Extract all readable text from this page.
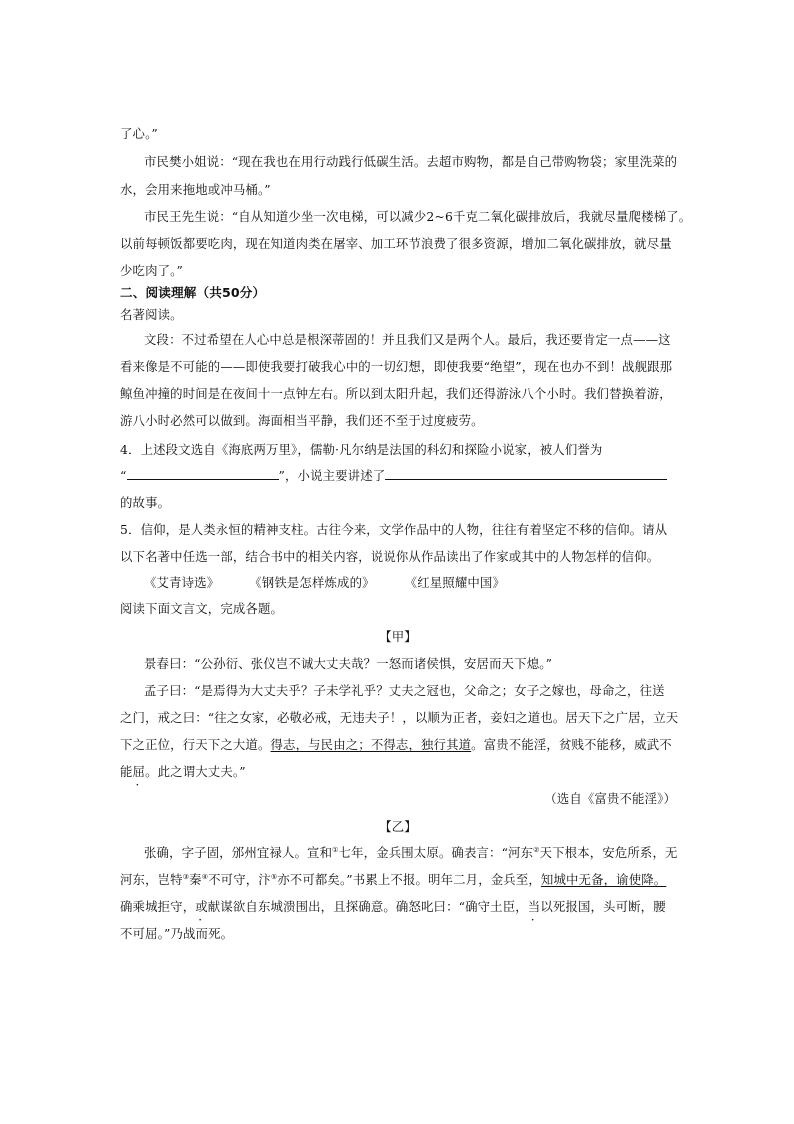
了心。”
市民樊小姐说：“现在我也在用行动践行低碳生活。去超市购物，都是自己带购物袋；家里洗菜的
水，会用来拖地或冲马桶。”
市民王先生说：“自从知道少坐一次电梯，可以减少2~6千克二氧化碳排放后，我就尽量爬楼梯了。
以前每顿饭都要吃肉，现在知道肉类在屠宰、加工环节浪费了很多资源，增加二氧化碳排放，就尽量
少吃肉了。”
二、阅读理解（共50分）
名著阅读。
文段：不过希望在人心中总是根深蒂固的！并且我们又是两个人。最后，我还要肯定一点——这
看来像是不可能的——即使我要打破我心中的一切幻想，即使我要“绝望”，现在也办不到！战舰跟那
鲸鱼冲撞的时间是在夜间十一点钟左右。所以到太阳升起，我们还得游泳八个小时。我们替换着游，
游八小时必然可以做到。海面相当平静，我们还不至于过度疲劳。
4．上述段文选自《海底两万里》，儒勒·凡尔纳是法国的科幻和探险小说家，被人们誉为
“	”，小说主要讲述了
的故事。
5．信仰，是人类永恒的精神支柱。古往今来，文学作品中的人物，往往有着坚定不移的信仰。请从
以下名著中任选一部，结合书中的相关内容，说说你从作品读出了作家或其中的人物怎样的信仰。
《艾青诗选》 《钢铁是怎样炼成的》 《红星照耀中国》
阅读下面文言文，完成各题。
【甲】
景春曰：“公孙衍、张仪岂不诚大丈夫哉？一怒而诸侯惧，安居而天下熄。”
孟子曰：“是焉得为大丈夫乎？子未学礼乎？丈夫之冠也，父命之；女子之嫁也，母命之，往送
之门，戒之曰：“往之女家，必敬必戒，无违夫子！，以顺为正者，妾妇之道也。居天下之广居，立天
下之正位，行天下之大道。得志，与民由之；不得志，独行其道。富贵不能淫，贫贱不能移，威武不
能屈。此之谓大丈夫。” ·
（选自《富贵不能淫》）
【乙】
张确，字子固，邠州宜禄人。宣和①七年，金兵围太原。确表言：“河东②天下根本，安危所系，无
河东，岂特③秦④不可守，汴⑤亦不可都矣。”书累上不报。明年二月，金兵至，知城中无备，谕使降。
确乘城拒守，或献谋欲自东城溃围出，且探确意。确怒叱曰：“确守土臣，当以死报国，头可断，腰
不可屈。”乃战而死。
